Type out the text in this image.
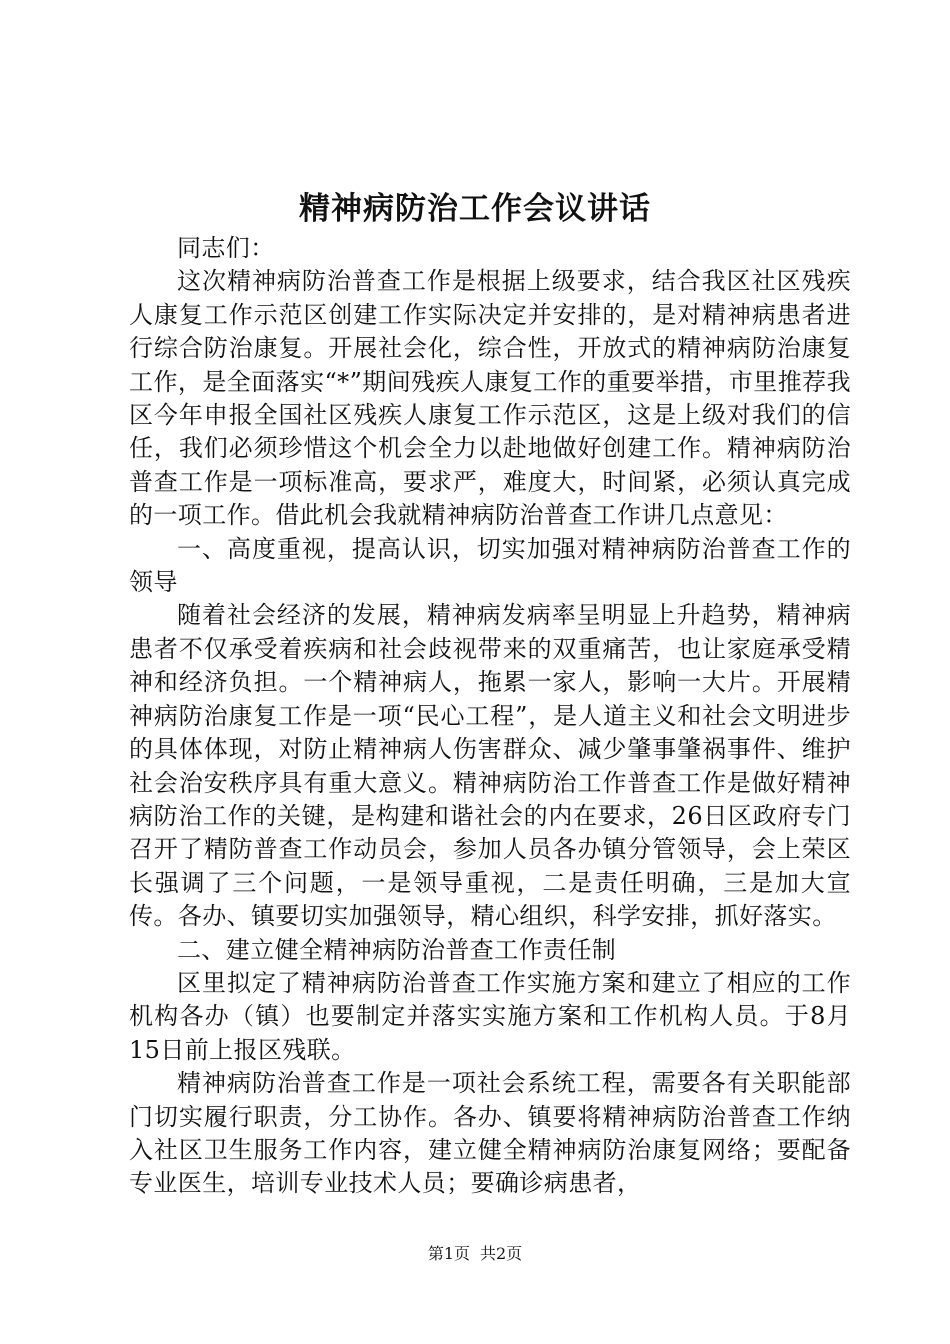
精神病防治工作会议讲话

同志们：

这次精神病防治普查工作是根据上级要求，结合我区社区残疾人康复工作示范区创建工作实际决定并安排的，是对精神病患者进行综合防治康复。开展社会化，综合性，开放式的精神病防治康复工作，是全面落实“*”期间残疾人康复工作的重要举措，市里推荐我区今年申报全国社区残疾人康复工作示范区，这是上级对我们的信任，我们必须珍惜这个机会全力以赴地做好创建工作。精神病防治普查工作是一项标准高，要求严，难度大，时间紧，必须认真完成的一项工作。借此机会我就精神病防治普查工作讲几点意见：

一、高度重视，提高认识，切实加强对精神病防治普查工作的领导

随着社会经济的发展，精神病发病率呈明显上升趋势，精神病患者不仅承受着疾病和社会歧视带来的双重痛苦，也让家庭承受精神和经济负担。一个精神病人，拖累一家人，影响一大片。开展精神病防治康复工作是一项“民心工程”，是人道主义和社会文明进步的具体体现，对防止精神病人伤害群众、减少肇事肇祸事件、维护社会治安秩序具有重大意义。精神病防治工作普查工作是做好精神病防治工作的关键，是构建和谐社会的内在要求，26日区政府专门召开了精防普查工作动员会，参加人员各办镇分管领导，会上荣区长强调了三个问题，一是领导重视，二是责任明确，三是加大宣传。各办、镇要切实加强领导，精心组织，科学安排，抓好落实。

二、建立健全精神病防治普查工作责任制

区里拟定了精神病防治普查工作实施方案和建立了相应的工作机构各办（镇）也要制定并落实实施方案和工作机构人员。于8月15日前上报区残联。

精神病防治普查工作是一项社会系统工程，需要各有关职能部门切实履行职责，分工协作。各办、镇要将精神病防治普查工作纳入社区卫生服务工作内容，建立健全精神病防治康复网络；要配备专业医生，培训专业技术人员；要确诊病患者，

第1页 共2页
